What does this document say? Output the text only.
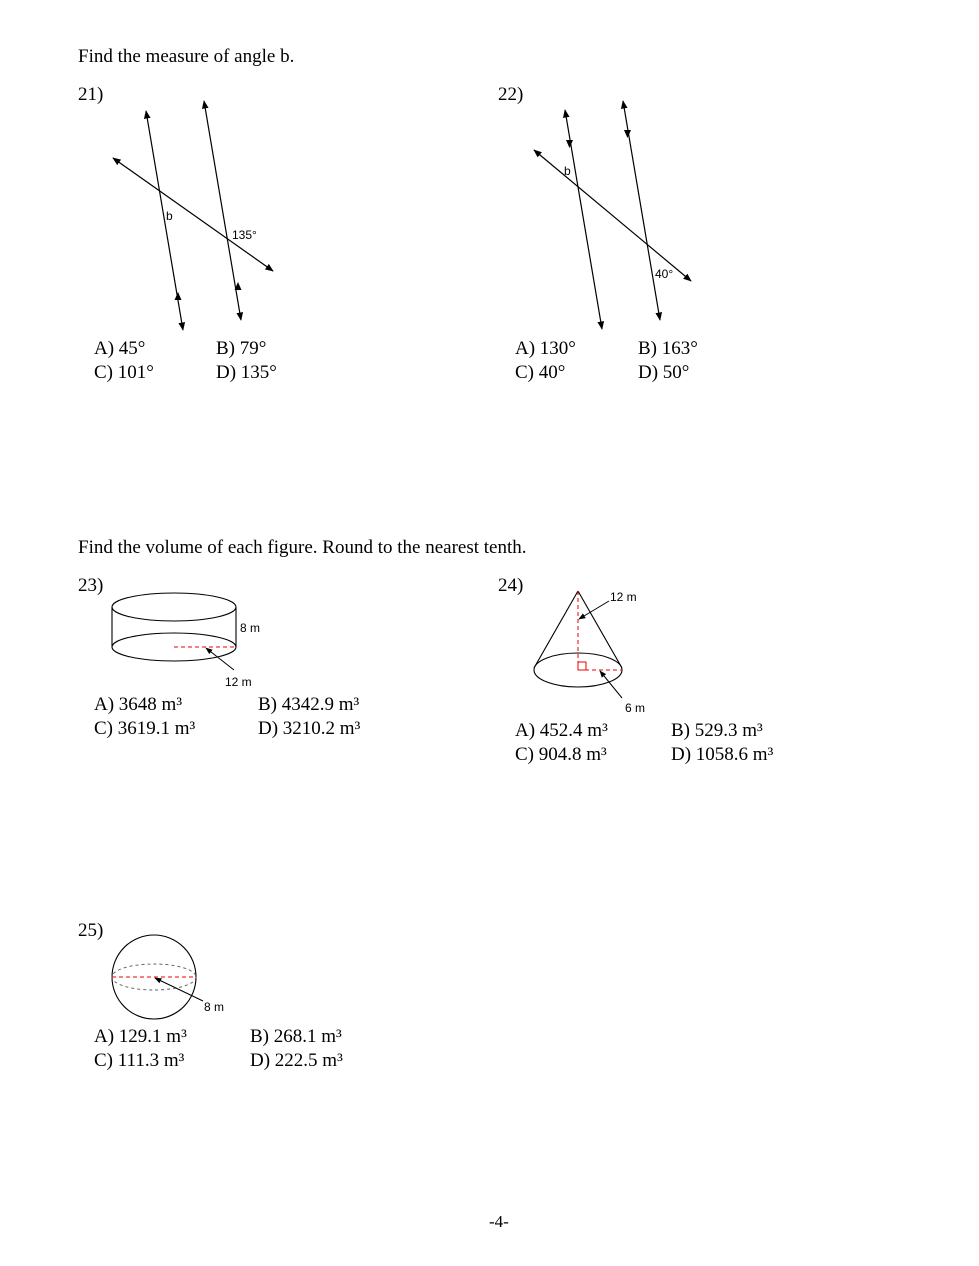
Find the measure of angle b.
21)
b
135°
A) 45°	B) 79°
C) 101°	D) 135°
22)
b
40°
A) 130°	B) 163°
C) 40°	D) 50°
Find the volume of each figure. Round to the nearest tenth.
23)
8 m
12 m
A) 3648 m³	B) 4342.9 m³
C) 3619.1 m³	D) 3210.2 m³
24)
12 m
6 m
A) 452.4 m³	B) 529.3 m³
C) 904.8 m³	D) 1058.6 m³
25)
8 m
A) 129.1 m³	B) 268.1 m³
C) 111.3 m³	D) 222.5 m³
-4-
